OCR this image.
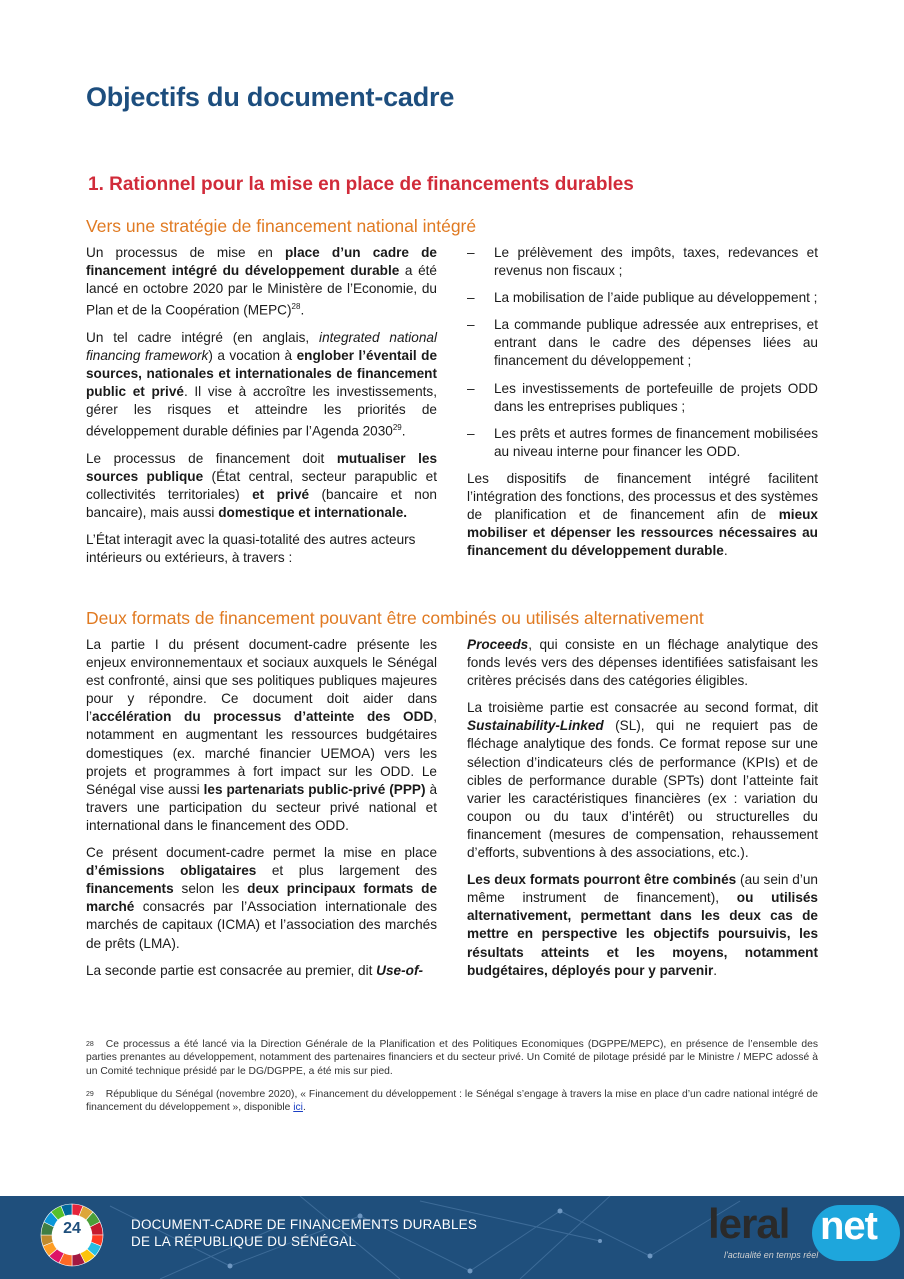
Objectifs du document-cadre
1. Rationnel pour la mise en place de financements durables
Vers une stratégie de financement national intégré

Un processus de mise en place d’un cadre de financement intégré du développement durable a été lancé en octobre 2020 par le Ministère de l’Economie, du Plan et de la Coopération (MEPC)$^{28}$.

Un tel cadre intégré (en anglais, integrated national financing framework) a vocation à englober l’éventail de sources, nationales et internationales de financement public et privé. Il vise à accroître les investissements, gérer les risques et atteindre les priorités de développement durable définies par l’Agenda 2030$^{29}$.

Le processus de financement doit mutualiser les sources publique (État central, secteur parapublic et collectivités territoriales) et privé (bancaire et non bancaire), mais aussi domestique et internationale.

L’État interagit avec la quasi-totalité des autres acteurs intérieurs ou extérieurs, à travers :

–	Le prélèvement des impôts, taxes, redevances et revenus non fiscaux ;
–	La mobilisation de l’aide publique au développement ;
–	La commande publique adressée aux entreprises, et entrant dans le cadre des dépenses liées au financement du développement ;
–	Les investissements de portefeuille de projets ODD dans les entreprises publiques ;
–	Les prêts et autres formes de financement mobilisées au niveau interne pour financer les ODD.

Les dispositifs de financement intégré facilitent l’intégration des fonctions, des processus et des systèmes de planification et de financement afin de mieux mobiliser et dépenser les ressources nécessaires au financement du développement durable.

Deux formats de financement pouvant être combinés ou utilisés alternativement

La partie I du présent document-cadre présente les enjeux environnementaux et sociaux auxquels le Sénégal est confronté, ainsi que ses politiques publiques majeures pour y répondre. Ce document doit aider dans l’accélération du processus d’atteinte des ODD, notamment en augmentant les ressources budgétaires domestiques (ex. marché financier UEMOA) vers les projets et programmes à fort impact sur les ODD. Le Sénégal vise aussi les partenariats public-privé (PPP) à travers une participation du secteur privé national et international dans le financement des ODD.

Ce présent document-cadre permet la mise en place d’émissions obligataires et plus largement des financements selon les deux principaux formats de marché consacrés par l’Association internationale des marchés de capitaux (ICMA) et l’association des marchés de prêts (LMA).

La seconde partie est consacrée au premier, dit Use-of-

Proceeds, qui consiste en un fléchage analytique des fonds levés vers des dépenses identifiées satisfaisant les critères précisés dans des catégories éligibles.

La troisième partie est consacrée au second format, dit Sustainability-Linked (SL), qui ne requiert pas de fléchage analytique des fonds. Ce format repose sur une sélection d’indicateurs clés de performance (KPIs) et de cibles de performance durable (SPTs) dont l’atteinte fait varier les caractéristiques financières (ex : variation du coupon ou du taux d’intérêt) ou structurelles du financement (mesures de compensation, rehaussement d’efforts, subventions à des associations, etc.).

Les deux formats pourront être combinés (au sein d’un même instrument de financement), ou utilisés alternativement, permettant dans les deux cas de mettre en perspective les objectifs poursuivis, les résultats atteints et les moyens, notamment budgétaires, déployés pour y parvenir.

$^{28}$ Ce processus a été lancé via la Direction Générale de la Planification et des Politiques Economiques (DGPPE/MEPC), en présence de l’ensemble des parties prenantes au développement, notamment des partenaires financiers et du secteur privé. Un Comité de pilotage présidé par le Ministre / MEPC adossé à un Comité technique présidé par le DG/DGPPE, a été mis sur pied.
$^{29}$ République du Sénégal (novembre 2020), « Financement du développement : le Sénégal s’engage à travers la mise en place d’un cadre national intégré de financement du développement », disponible ici.
24	DOCUMENT-CADRE DE FINANCEMENTS DURABLES
DE LA RÉPUBLIQUE DU SÉNÉGAL	leral net
l'actualité en temps réel
